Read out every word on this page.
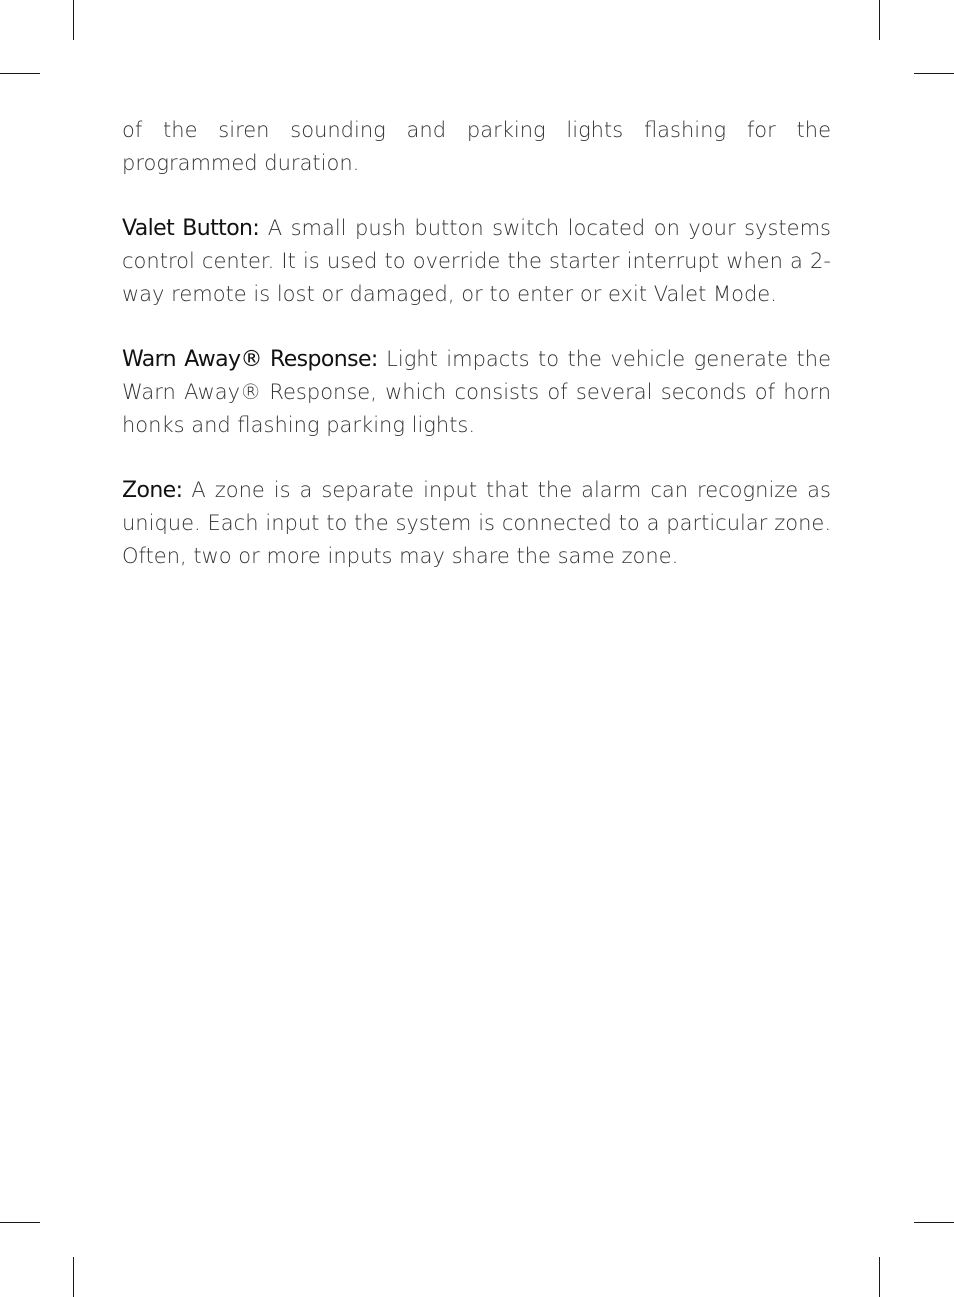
of the siren sounding and parking lights flashing for the programmed duration.

Valet Button: A small push button switch located on your systems control center. It is used to override the starter interrupt when a 2-way remote is lost or damaged, or to enter or exit Valet Mode.

Warn Away® Response: Light impacts to the vehicle generate the Warn Away® Response, which consists of several seconds of horn honks and flashing parking lights.

Zone: A zone is a separate input that the alarm can recognize as unique. Each input to the system is connected to a particular zone. Often, two or more inputs may share the same zone.
